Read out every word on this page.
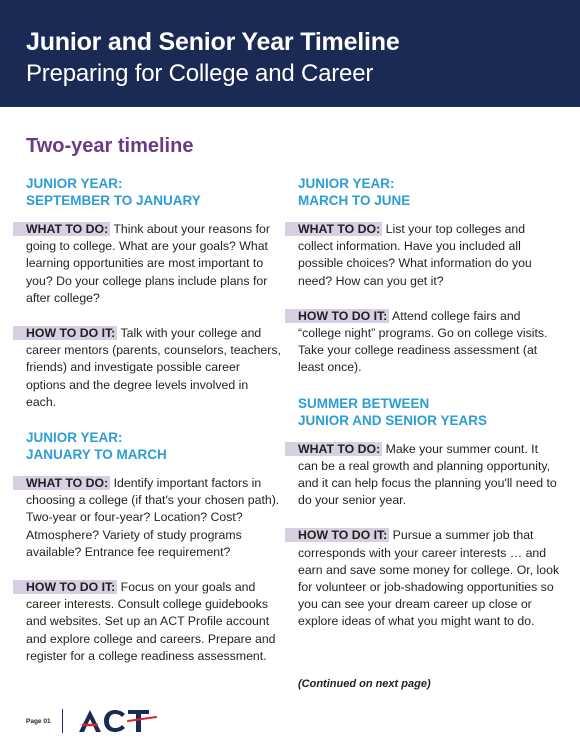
Junior and Senior Year Timeline
Preparing for College and Career
Two-year timeline
JUNIOR YEAR:
SEPTEMBER TO JANUARY

WHAT TO DO: Think about your reasons for going to college. What are your goals? What learning opportunities are most important to you? Do your college plans include plans for after college?

HOW TO DO IT: Talk with your college and career mentors (parents, counselors, teachers, friends) and investigate possible career options and the degree levels involved in each.

JUNIOR YEAR:
JANUARY TO MARCH

WHAT TO DO: Identify important factors in choosing a college (if that's your chosen path). Two-year or four-year? Location? Cost? Atmosphere? Variety of study programs available? Entrance fee requirement?

HOW TO DO IT: Focus on your goals and career interests. Consult college guidebooks and websites. Set up an ACT Profile account and explore college and careers. Prepare and register for a college readiness assessment.

JUNIOR YEAR:
MARCH TO JUNE

WHAT TO DO: List your top colleges and collect information. Have you included all possible choices? What information do you need? How can you get it?

HOW TO DO IT: Attend college fairs and “college night” programs. Go on college visits. Take your college readiness assessment (at least once).

SUMMER BETWEEN
JUNIOR AND SENIOR YEARS

WHAT TO DO: Make your summer count. It can be a real growth and planning opportunity, and it can help focus the planning you'll need to do your senior year.

HOW TO DO IT: Pursue a summer job that corresponds with your career interests … and earn and save some money for college. Or, look for volunteer or job-shadowing opportunities so you can see your dream career up close or explore ideas of what you might want to do.

(Continued on next page)
Page 01
